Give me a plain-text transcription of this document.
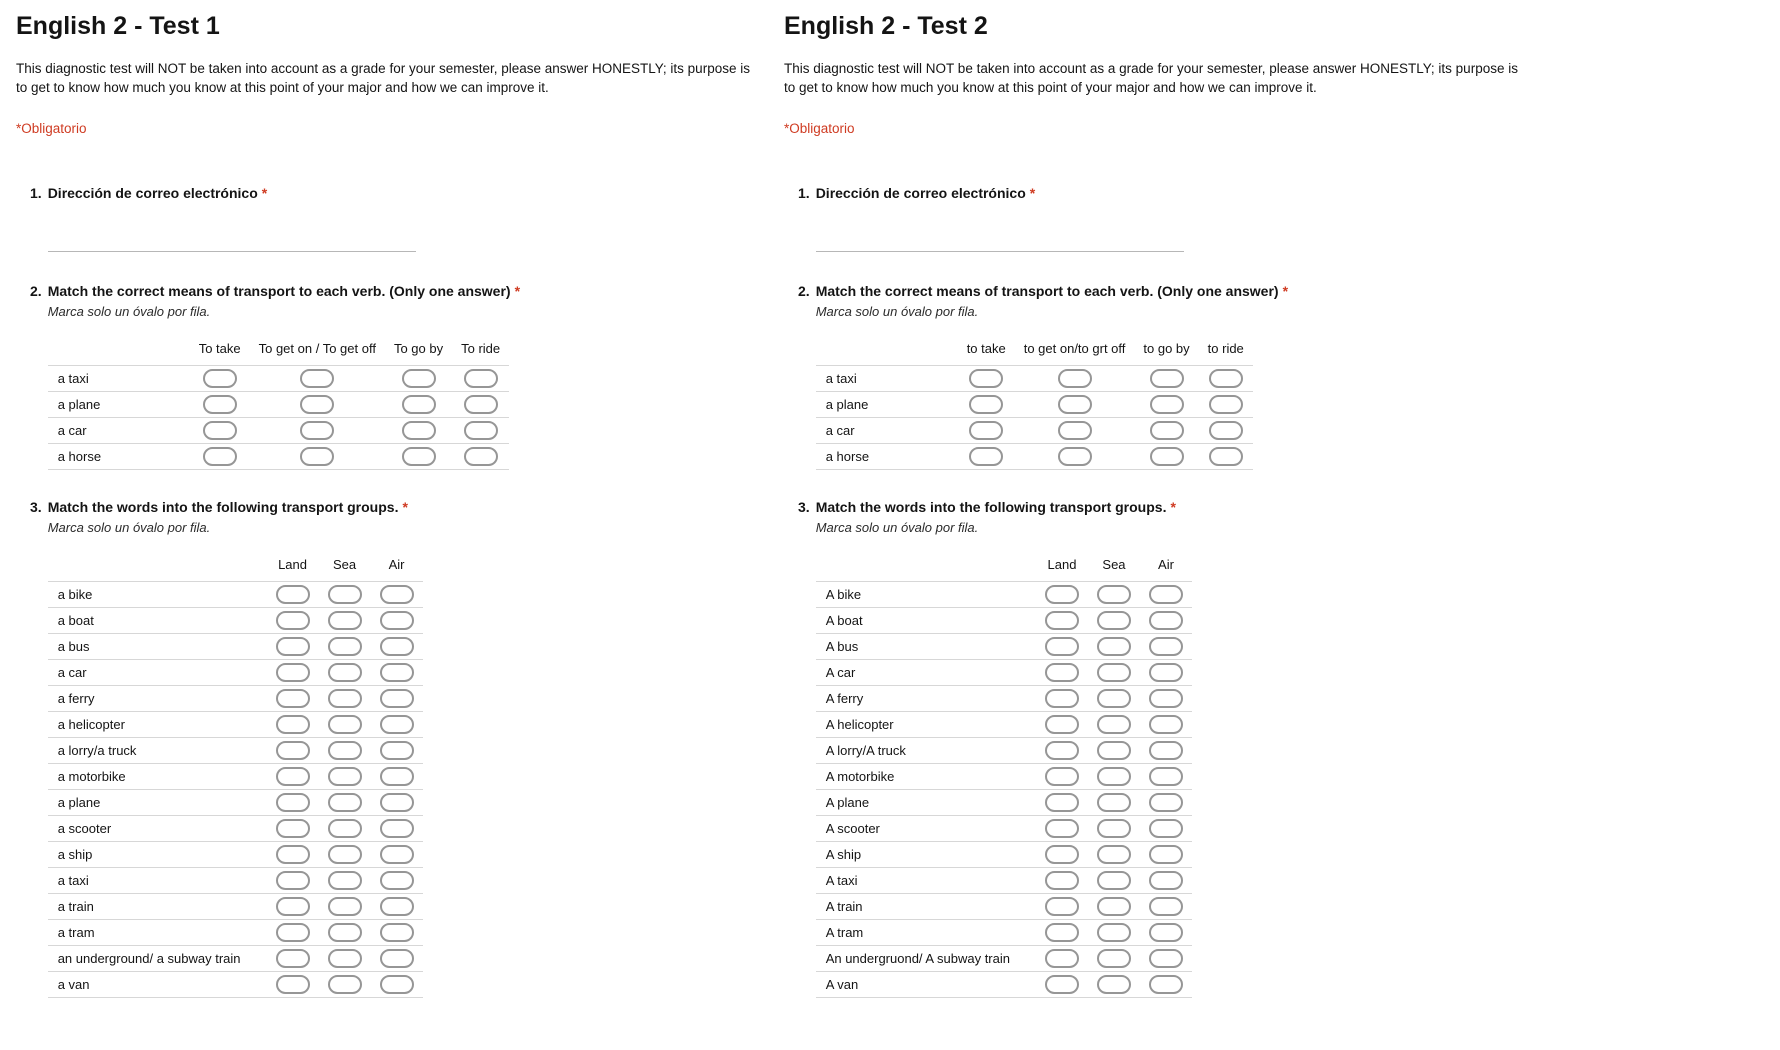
English 2 - Test 1

This diagnostic test will NOT be taken into account as a grade for your semester, please answer HONESTLY; its purpose is to get to know how much you know at this point of your major and how we can improve it.

*Obligatorio

1. Dirección de correo electrónico *
2. Match the correct means of transport to each verb. (Only one answer) *
Marca solo un óvalo por fila.
	To take	To get on / To get off	To go by	To ride
a taxi				
a plane				
a car				
a horse				
3. Match the words into the following transport groups. *
Marca solo un óvalo por fila.
	Land	Sea	Air
a bike			
a boat			
a bus			
a car			
a ferry			
a helicopter			
a lorry/a truck			
a motorbike			
a plane			
a scooter			
a ship			
a taxi			
a train			
a tram			
an underground/ a subway train			
a van			
English 2 - Test 2

This diagnostic test will NOT be taken into account as a grade for your semester, please answer HONESTLY; its purpose is to get to know how much you know at this point of your major and how we can improve it.

*Obligatorio

1. Dirección de correo electrónico *
2. Match the correct means of transport to each verb. (Only one answer) *
Marca solo un óvalo por fila.
	to take	to get on/to grt off	to go by	to ride
a taxi				
a plane				
a car				
a horse				
3. Match the words into the following transport groups. *
Marca solo un óvalo por fila.
	Land	Sea	Air
A bike			
A boat			
A bus			
A car			
A ferry			
A helicopter			
A lorry/A truck			
A motorbike			
A plane			
A scooter			
A ship			
A taxi			
A train			
A tram			
An undergruond/ A subway train			
A van			
